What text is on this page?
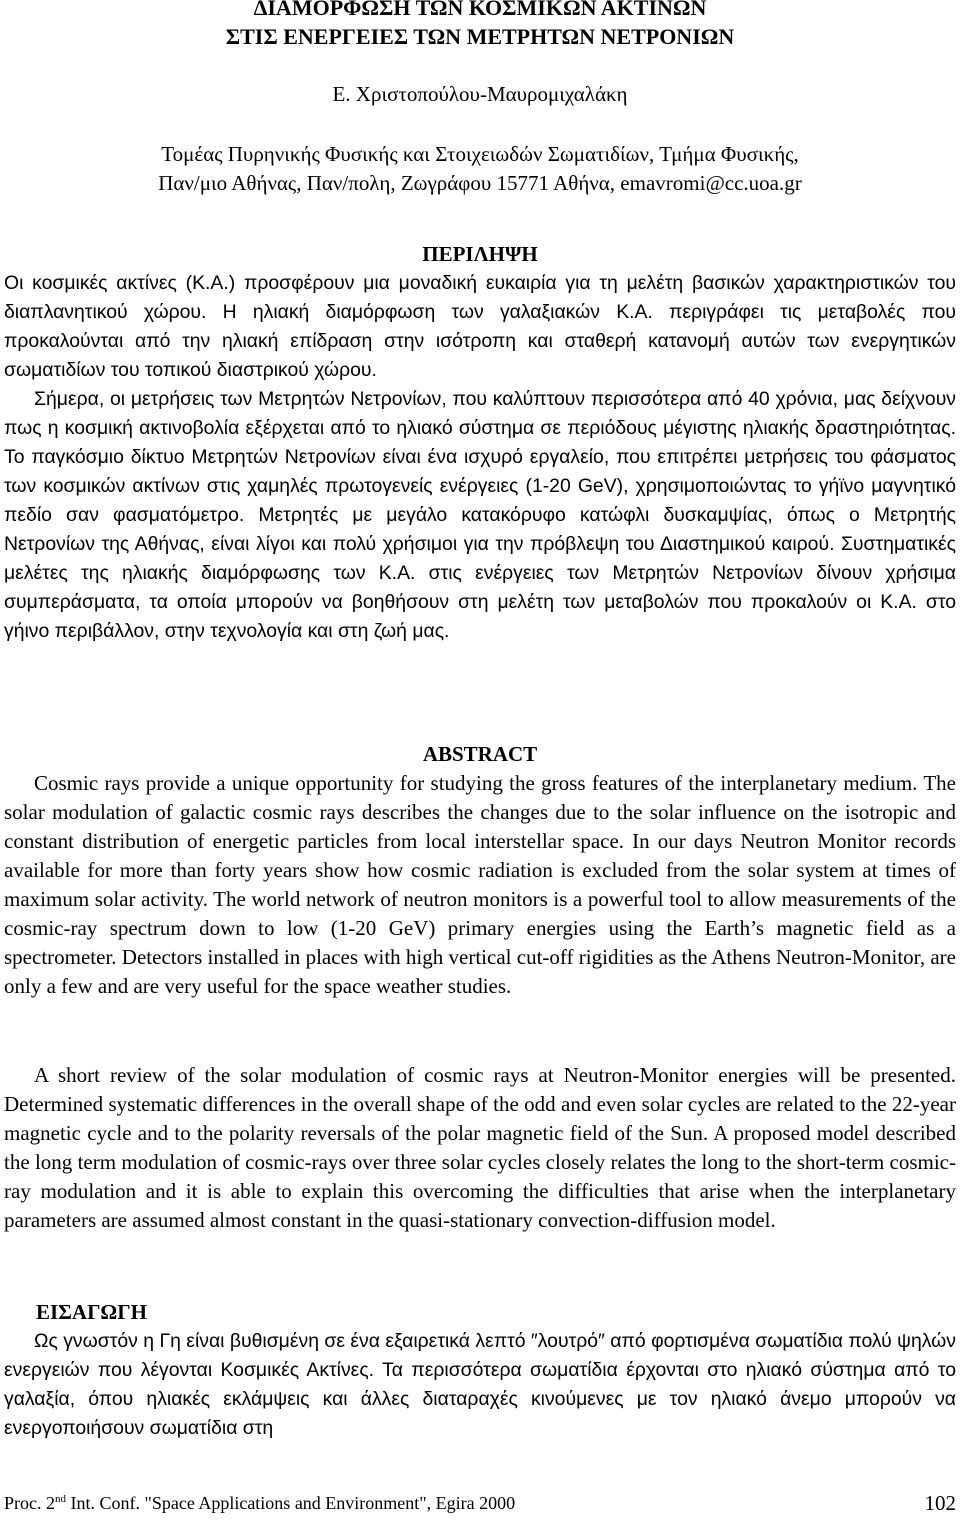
ΔΙΑΜΟΡΦΩΣΗ ΤΩΝ ΚΟΣΜΙΚΩΝ ΑΚΤΙΝΩΝ
ΣΤΙΣ ΕΝΕΡΓΕΙΕΣ ΤΩΝ ΜΕΤΡΗΤΩΝ ΝΕΤΡΟΝΙΩΝ
Ε. Χριστοπούλου-Μαυρομιχαλάκη
Τομέας Πυρηνικής Φυσικής και Στοιχειωδών Σωματιδίων, Τμήμα Φυσικής,
Παν/μιο Αθήνας, Παν/πολη, Ζωγράφου 15771 Αθήνα, emavromi@cc.uoa.gr
ΠΕΡΙΛΗΨΗ

Οι κοσμικές ακτίνες (Κ.Α.) προσφέρουν μια μοναδική ευκαιρία για τη μελέτη βασικών χαρακτηριστικών του διαπλανητικού χώρου. Η ηλιακή διαμόρφωση των γαλαξιακών Κ.Α. περιγράφει τις μεταβολές που προκαλούνται από την ηλιακή επίδραση στην ισότροπη και σταθερή κατανομή αυτών των ενεργητικών σωματιδίων του τοπικού διαστρικού χώρου.

Σήμερα, οι μετρήσεις των Μετρητών Νετρονίων, που καλύπτουν περισσότερα από 40 χρόνια, μας δείχνουν πως η κοσμική ακτινοβολία εξέρχεται από το ηλιακό σύστημα σε περιόδους μέγιστης ηλιακής δραστηριότητας. Το παγκόσμιο δίκτυο Μετρητών Νετρονίων είναι ένα ισχυρό εργαλείο, που επιτρέπει μετρήσεις του φάσματος των κοσμικών ακτίνων στις χαμηλές πρωτογενείς ενέργειες (1-20 GeV), χρησιμοποιώντας το γήϊνο μαγνητικό πεδίο σαν φασματόμετρο. Μετρητές με μεγάλο κατακόρυφο κατώφλι δυσκαμψίας, όπως ο Μετρητής Νετρονίων της Αθήνας, είναι λίγοι και πολύ χρήσιμοι για την πρόβλεψη του Διαστημικού καιρού. Συστηματικές μελέτες της ηλιακής διαμόρφωσης των Κ.Α. στις ενέργειες των Μετρητών Νετρονίων δίνουν χρήσιμα συμπεράσματα, τα οποία μπορούν να βοηθήσουν στη μελέτη των μεταβολών που προκαλούν οι Κ.Α. στο γήινο περιβάλλον, στην τεχνολογία και στη ζωή μας.

ABSTRACT

Cosmic rays provide a unique opportunity for studying the gross features of the interplanetary medium. The solar modulation of galactic cosmic rays describes the changes due to the solar influence on the isotropic and constant distribution of energetic particles from local interstellar space. In our days Neutron Monitor records available for more than forty years show how cosmic radiation is excluded from the solar system at times of maximum solar activity. The world network of neutron monitors is a powerful tool to allow measurements of the cosmic-ray spectrum down to low (1-20 GeV) primary energies using the Earth’s magnetic field as a spectrometer. Detectors installed in places with high vertical cut-off rigidities as the Athens Neutron-Monitor, are only a few and are very useful for the space weather studies.

A short review of the solar modulation of cosmic rays at Neutron-Monitor energies will be presented. Determined systematic differences in the overall shape of the odd and even solar cycles are related to the 22-year magnetic cycle and to the polarity reversals of the polar magnetic field of the Sun. A proposed model described the long term modulation of cosmic-rays over three solar cycles closely relates the long to the short-term cosmic-ray modulation and it is able to explain this overcoming the difficulties that arise when the interplanetary parameters are assumed almost constant in the quasi-stationary convection-diffusion model.

ΕΙΣΑΓΩΓΗ

Ως γνωστόν η Γη είναι βυθισμένη σε ένα εξαιρετικά λεπτό ″λουτρό″ από φορτισμένα σωματίδια πολύ ψηλών ενεργειών που λέγονται Κοσμικές Ακτίνες. Τα περισσότερα σωματίδια έρχονται στο ηλιακό σύστημα από το γαλαξία, όπου ηλιακές εκλάμψεις και άλλες διαταραχές κινούμενες με τον ηλιακό άνεμο μπορούν να ενεργοποιήσουν σωματίδια στη

Proc. 2nd Int. Conf. "Space Applications and Environment", Egira 2000	102
